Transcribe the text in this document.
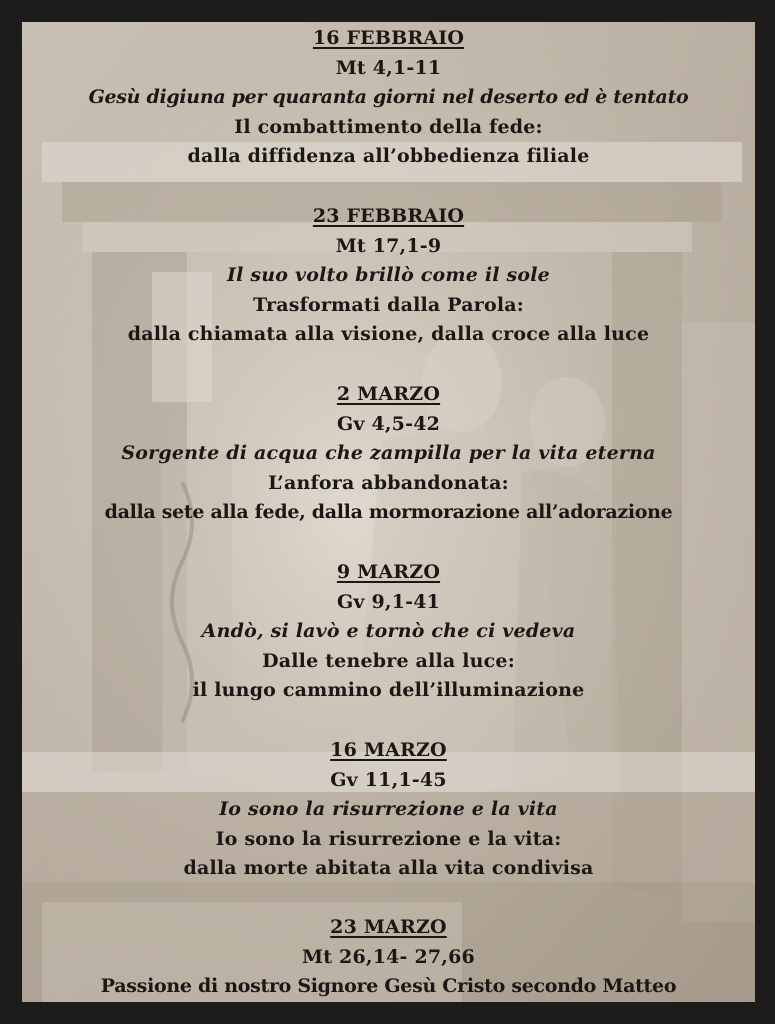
16 FEBBRAIO
Mt 4,1-11
Gesù digiuna per quaranta giorni nel deserto ed è tentato
Il combattimento della fede:
dalla diffidenza all’obbedienza filiale
23 FEBBRAIO
Mt 17,1-9
Il suo volto brillò come il sole
Trasformati dalla Parola:
dalla chiamata alla visione, dalla croce alla luce
2 MARZO
Gv 4,5-42
Sorgente di acqua che zampilla per la vita eterna
L’anfora abbandonata:
dalla sete alla fede, dalla mormorazione all’adorazione
9 MARZO
Gv 9,1-41
Andò, si lavò e tornò che ci vedeva
Dalle tenebre alla luce:
il lungo cammino dell’illuminazione
16 MARZO
Gv 11,1-45
Io sono la risurrezione e la vita
Io sono la risurrezione e la vita:
dalla morte abitata alla vita condivisa
23 MARZO
Mt 26,14- 27,66
Passione di nostro Signore Gesù Cristo secondo Matteo
